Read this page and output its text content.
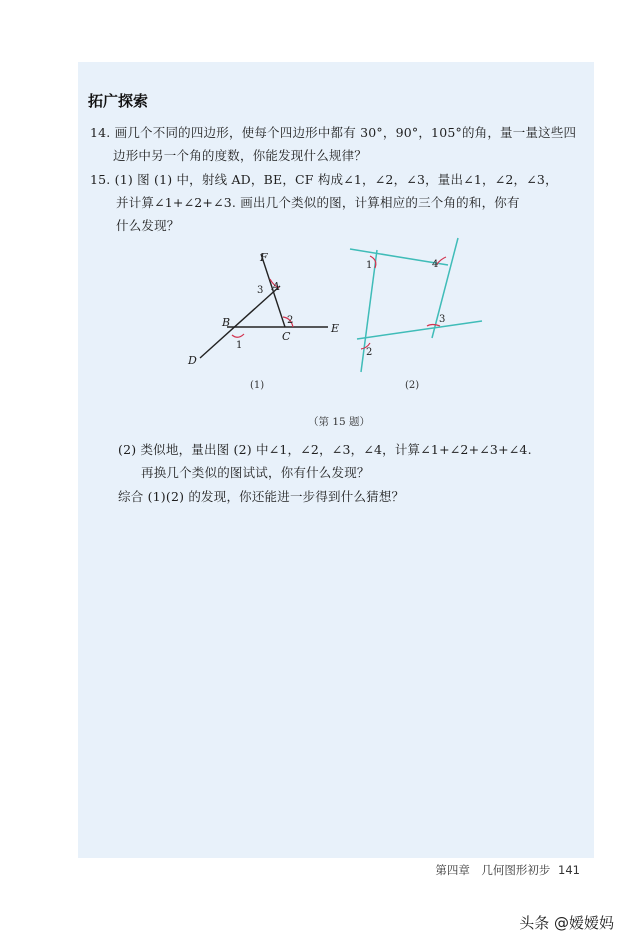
拓广探索
14. 画几个不同的四边形，使每个四边形中都有 30°，90°，105°的角，量一量这些四
边形中另一个角的度数，你能发现什么规律？
15. (1) 图 (1) 中，射线 AD，BE，CF 构成∠1，∠2，∠3，量出∠1，∠2，∠3，
并计算∠1+∠2+∠3. 画出几个类似的图，计算相应的三个角的和，你有
什么发现？
F
A
B
C
D
E
1
2
3
1
2
3
4
(1)	(2)
（第 15 题）
(2) 类似地，量出图 (2) 中∠1，∠2，∠3，∠4，计算∠1+∠2+∠3+∠4.
再换几个类似的图试试，你有什么发现？
综合 (1)(2) 的发现，你还能进一步得到什么猜想？
第四章　几何图形初步 141
头条 @嫒嫒妈
